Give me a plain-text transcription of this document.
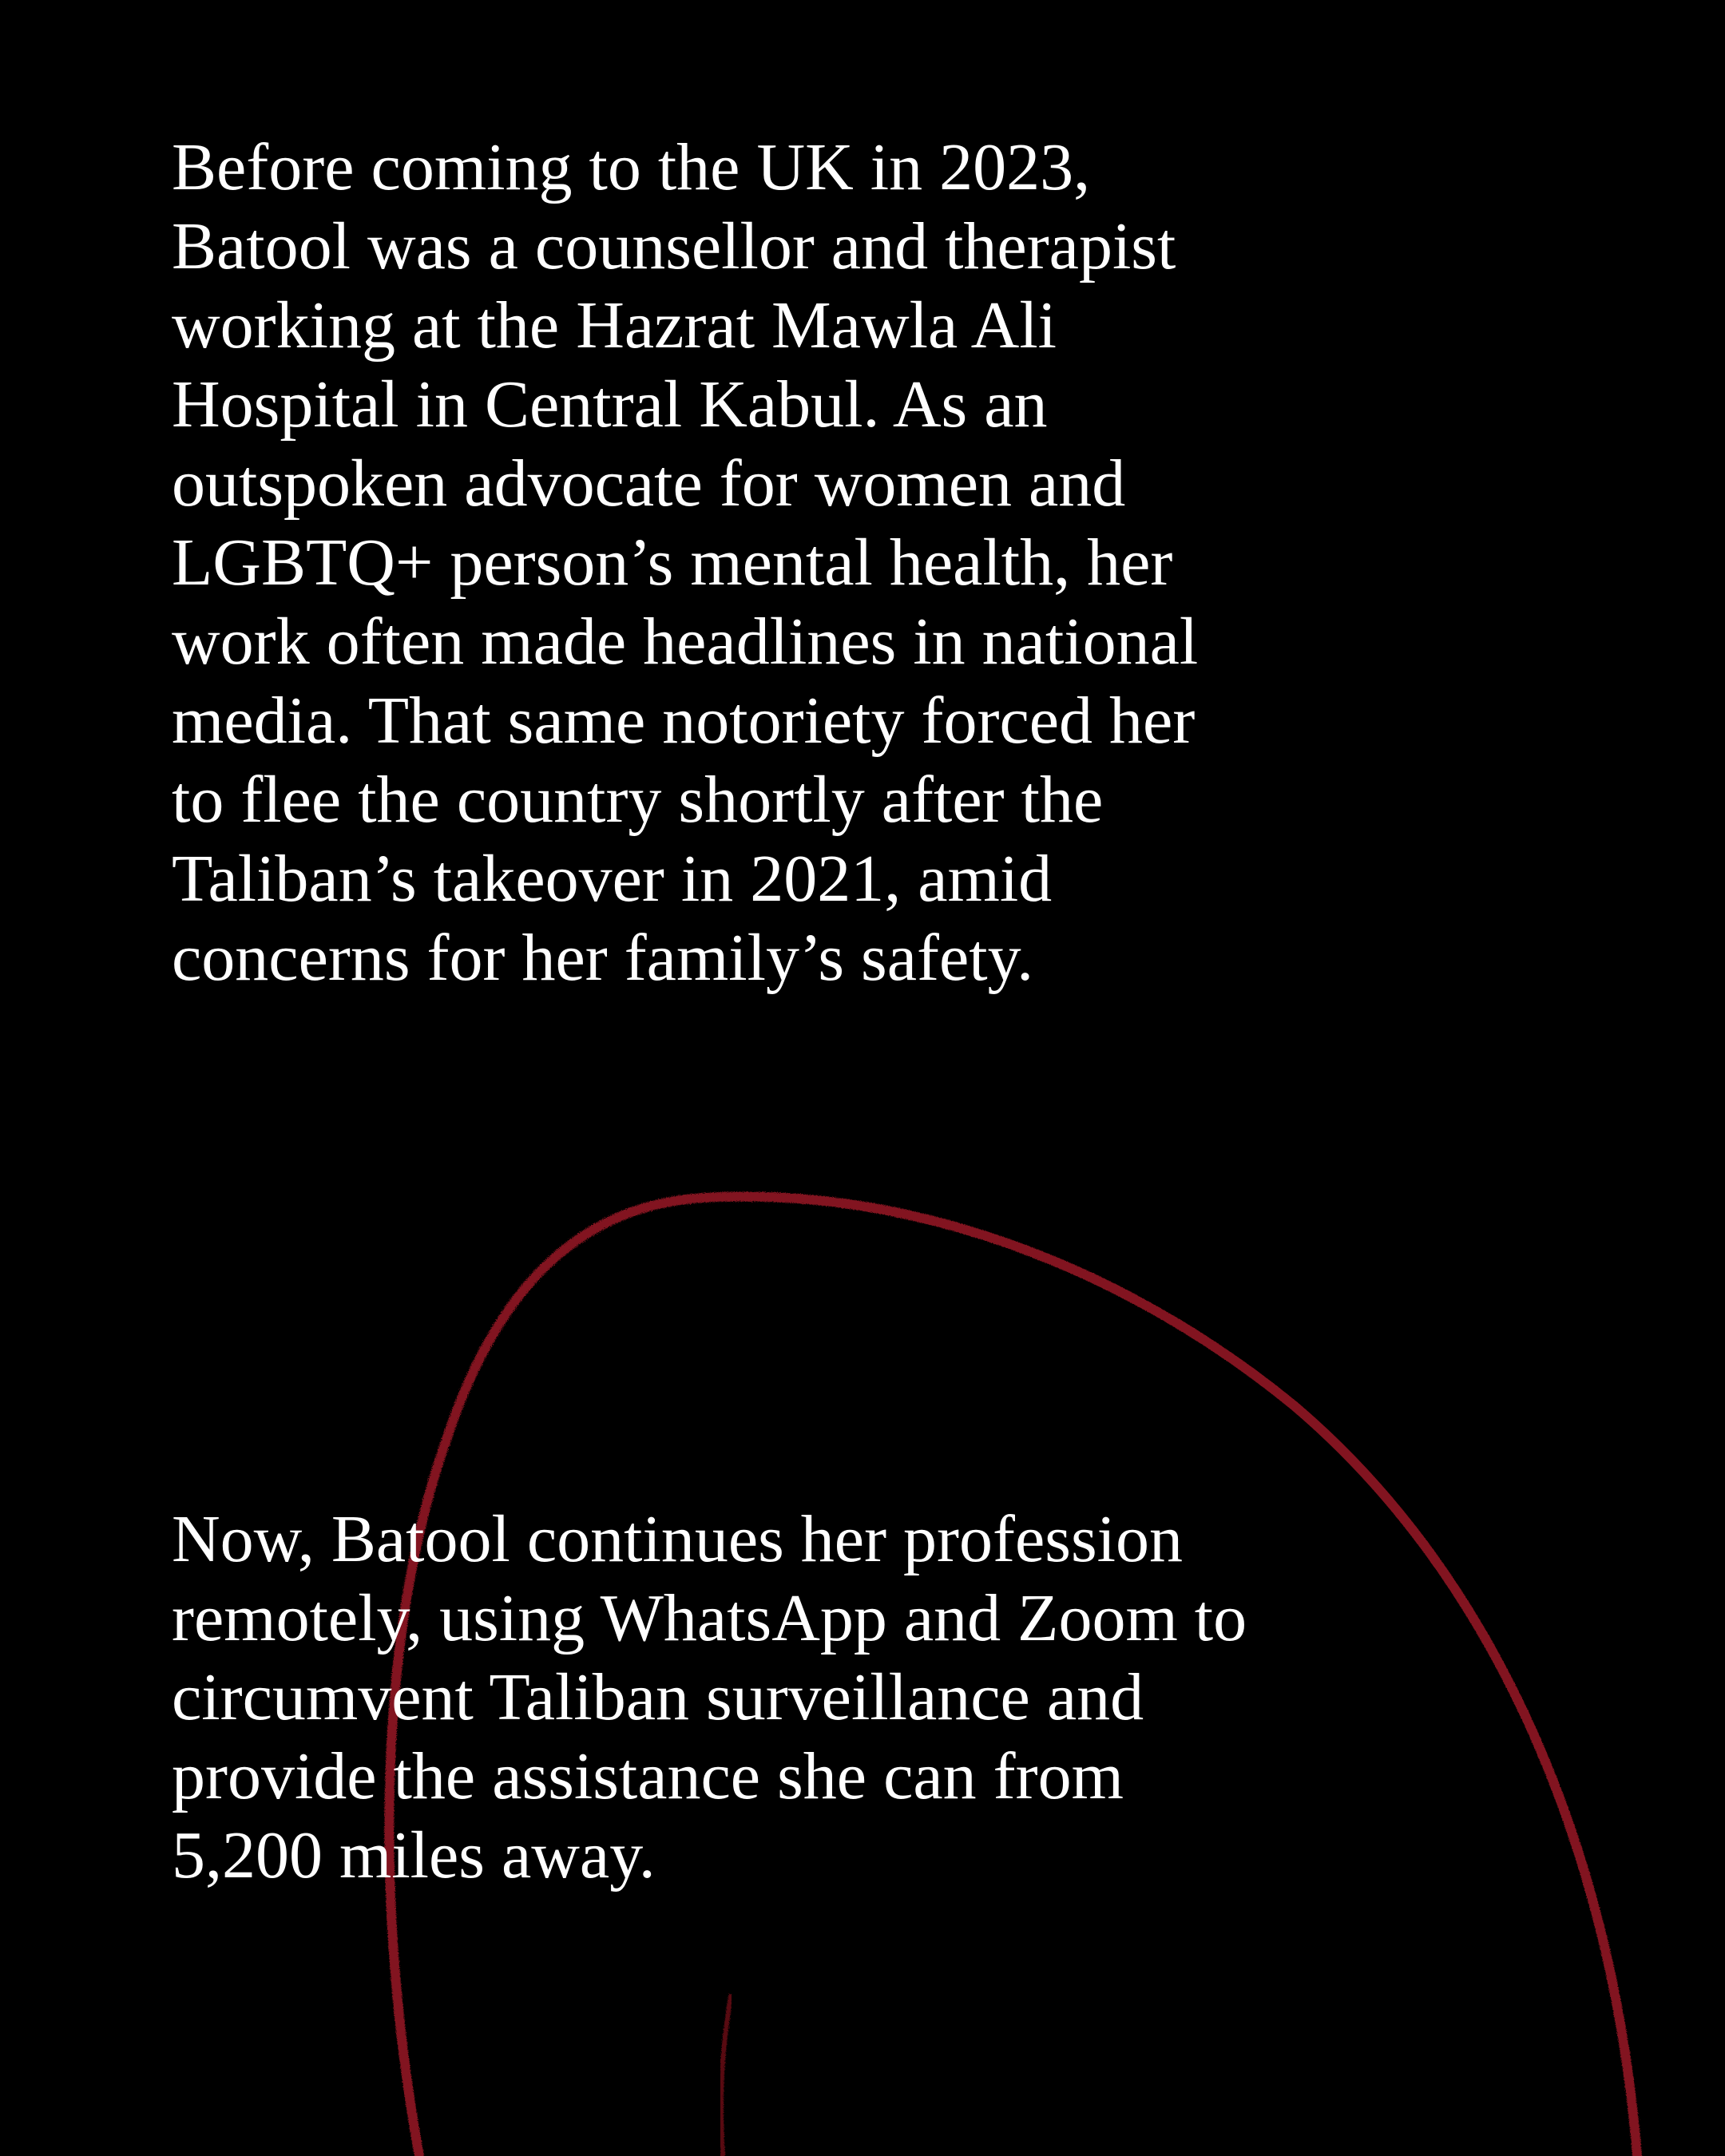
Before coming to the UK in 2023,
Batool was a counsellor and therapist
working at the Hazrat Mawla Ali
Hospital in Central Kabul. As an
outspoken advocate for women and
LGBTQ+ person’s mental health, her
work often made headlines in national
media. That same notoriety forced her
to flee the country shortly after the
Taliban’s takeover in 2021, amid
concerns for her family’s safety.

Now, Batool continues her profession
remotely, using WhatsApp and Zoom to
circumvent Taliban surveillance and
provide the assistance she can from
5,200 miles away.
